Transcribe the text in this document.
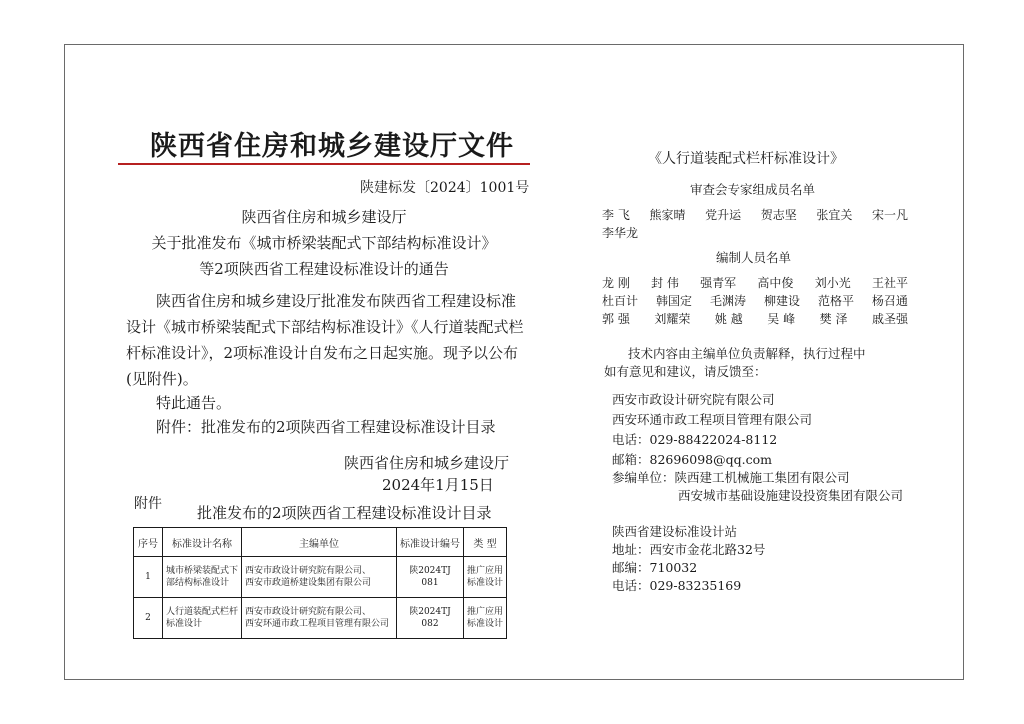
陕西省住房和城乡建设厅文件
陕建标发〔2024〕1001号
陕西省住房和城乡建设厅
关于批准发布《城市桥梁装配式下部结构标准设计》
等2项陕西省工程建设标准设计的通告
陕西省住房和城乡建设厅批准发布陕西省工程建设标准设计《城市桥梁装配式下部结构标准设计》《人行道装配式栏杆标准设计》，2项标准设计自发布之日起实施。现予以公布(见附件)。
特此通告。
附件：批准发布的2项陕西省工程建设标准设计目录
陕西省住房和城乡建设厅
2024年1月15日
附件 批准发布的2项陕西省工程建设标准设计目录
序号	标准设计名称	主编单位	标准设计编号	类 型
1	城市桥梁装配式下部结构标准设计	西安市政设计研究院有限公司、
西安市政道桥建设集团有限公司	陕2024TJ 081	推广应用标准设计
2	人行道装配式栏杆标准设计	西安市政设计研究院有限公司、
西安环通市政工程项目管理有限公司	陕2024TJ 082	推广应用标准设计
《人行道装配式栏杆标准设计》
审查会专家组成员名单
李 飞 熊家晴 党升运 贺志坚 张宜关 宋一凡
李华龙
编制人员名单
龙 刚 封 伟 强青军 高中俊 刘小光 王社平
杜百计 韩国定 毛渊涛 柳建设 范格平 杨召通
郭 强 刘耀荣 姚 越 吴 峰 樊 泽 戚圣强
技术内容由主编单位负责解释，执行过程中
如有意见和建议，请反馈至：
西安市政设计研究院有限公司
西安环通市政工程项目管理有限公司
电话：029-88422024-8112
邮箱：82696098@qq.com
参编单位：陕西建工机械施工集团有限公司
西安城市基础设施建设投资集团有限公司
陕西省建设标准设计站
地址：西安市金花北路32号
邮编：710032
电话：029-83235169
